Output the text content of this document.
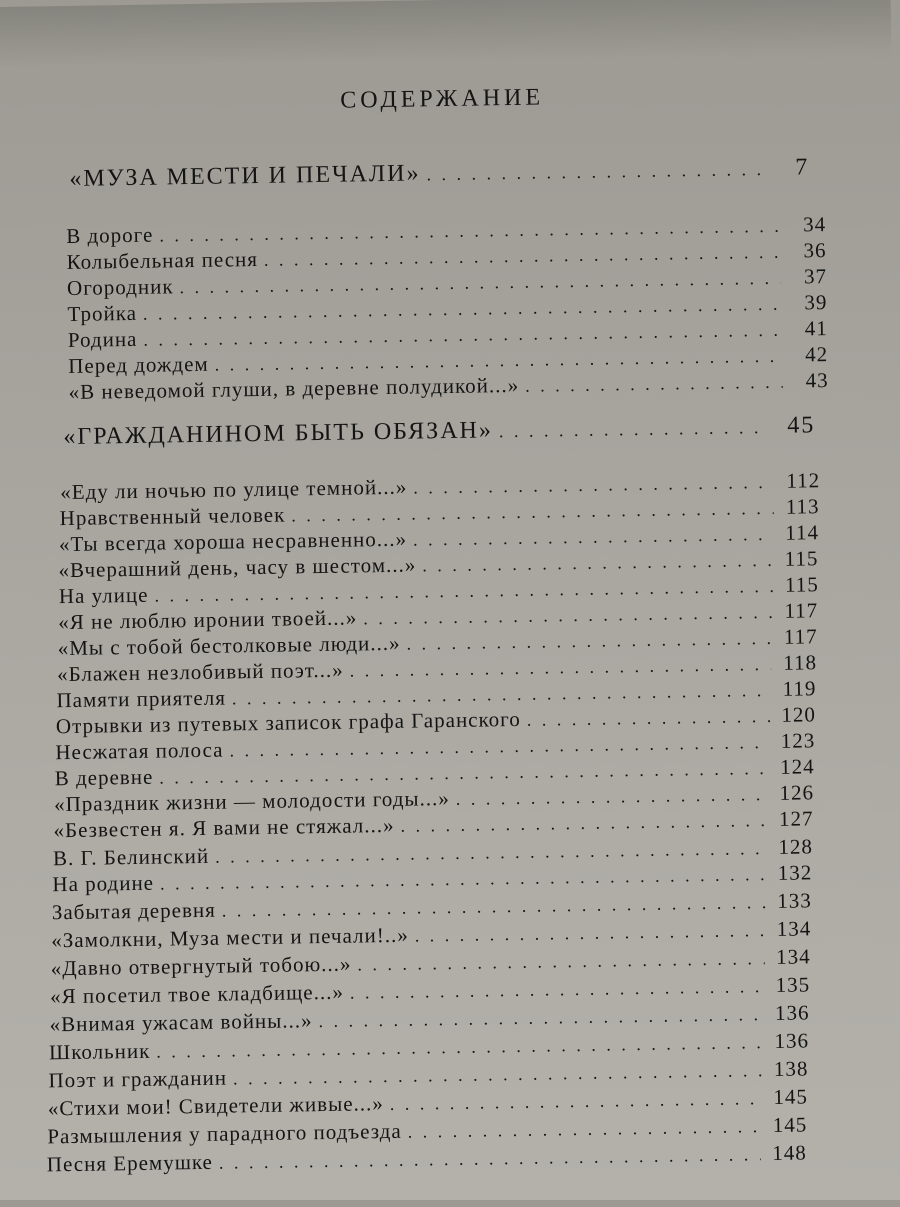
СОДЕРЖАНИЕ
«МУЗА МЕСТИ И ПЕЧАЛИ» . . .	7
В дороге . . .	34
Колыбельная песня . . .	36
Огородник . . .	37
Тройка . . .	39
Родина . . .	41
Перед дождем . . .	42
«В неведомой глуши, в деревне полудикой...» . . .	43
«ГРАЖДАНИНОМ БЫТЬ ОБЯЗАН» . . .	45
«Еду ли ночью по улице темной...» . . .	112
Нравственный человек . . .	113
«Ты всегда хороша несравненно...» . . .	114
«Вчерашний день, часу в шестом...» . . .	115
На улице . . .	115
«Я не люблю иронии твоей...» . . .	117
«Мы с тобой бестолковые люди...» . . .	117
«Блажен незлобивый поэт...» . . .	118
Памяти приятеля . . .	119
Отрывки из путевых записок графа Гаранского . . .	120
Несжатая полоса . . .	123
В деревне . . .	124
«Праздник жизни — молодости годы...» . . .	126
«Безвестен я. Я вами не стяжал...» . . .	127
В. Г. Белинский . . .	128
На родине . . .	132
Забытая деревня . . .	133
«Замолкни, Муза мести и печали!..» . . .	134
«Давно отвергнутый тобою...» . . .	134
«Я посетил твое кладбище...» . . .	135
«Внимая ужасам войны...» . . .	136
Школьник . . .	136
Поэт и гражданин . . .	138
«Стихи мои! Свидетели живые...» . . .	145
Размышления у парадного подъезда . . .	145
Песня Еремушке . . .	148
